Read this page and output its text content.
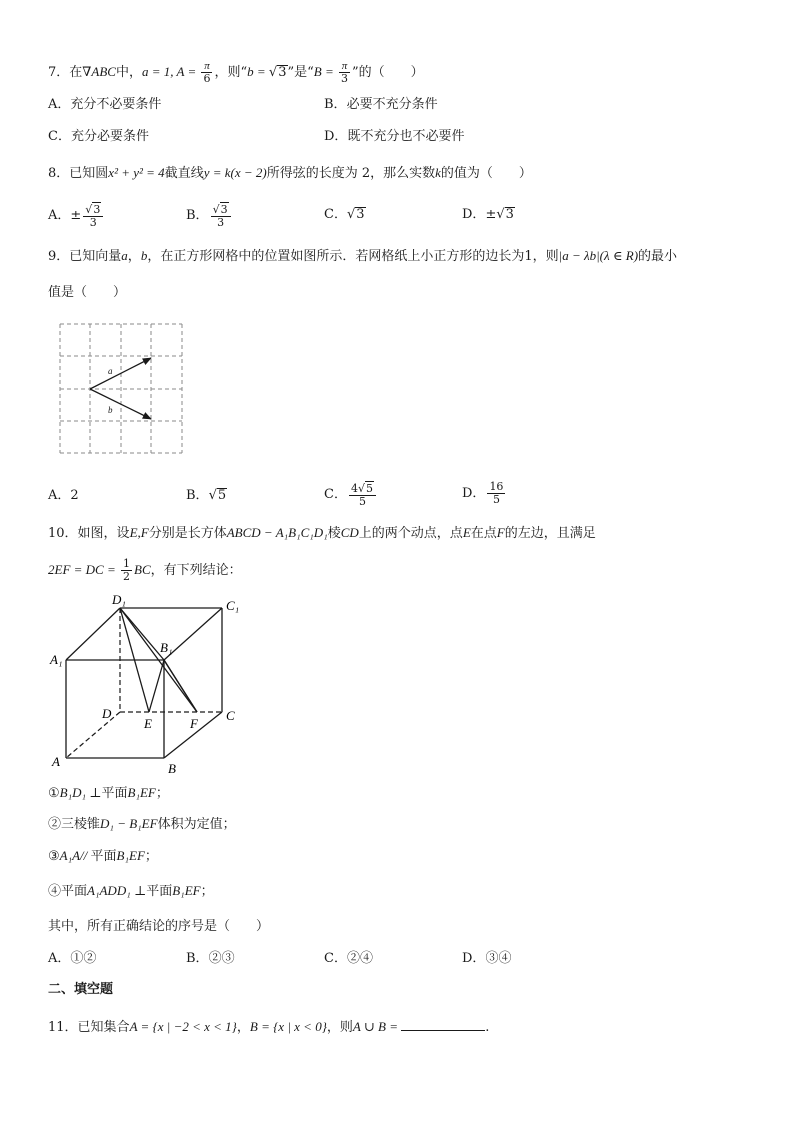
7．在∇ABC中，a = 1, $A = \frac{\pi}{6}$ ，则“b = √3”是“$B = \frac{\pi}{3}$ ”的（　　）
A．充分不必要条件	B．必要不充分条件
C．充分必要条件	D．既不充分也不必要件
8．已知圆x² + y² = 4截直线y = k(x − 2)所得弦的长度为 2，那么实数k的值为（　　）
A．± $\frac{√3}{3}$	B． $\frac{√3}{3}$	C．√3	D．±√3
9．已知向量a，b，在正方形网格中的位置如图所示．若网格纸上小正方形的边长为1，则|a − λb|(λ ∈ R)的最小
值是（　　）
a
b
A．2	B．√5	C． $\frac{4√5}{5}$	D． $\frac{16}{5}$
10．如图，设E,F分别是长方体ABCD − A₁B₁C₁D₁棱CD上的两个动点，点E在点F的左边，且满足
2EF = DC = $\frac{1}{2}$ BC，有下列结论：
D₁	C₁
B₁
A₁
D
E	F
C
A	B
①B₁D₁ ⊥平面B₁EF；
②三棱锥D₁ − B₁EF体积为定值；
③A₁A// 平面B₁EF；
④平面A₁ADD₁ ⊥平面B₁EF；
其中，所有正确结论的序号是（　　）
A．①②	B．②③	C．②④	D．③④
二、填空题
11．已知集合A = {x | −2 < x < 1}，B = {x | x < 0}，则A ∪ B =	.
